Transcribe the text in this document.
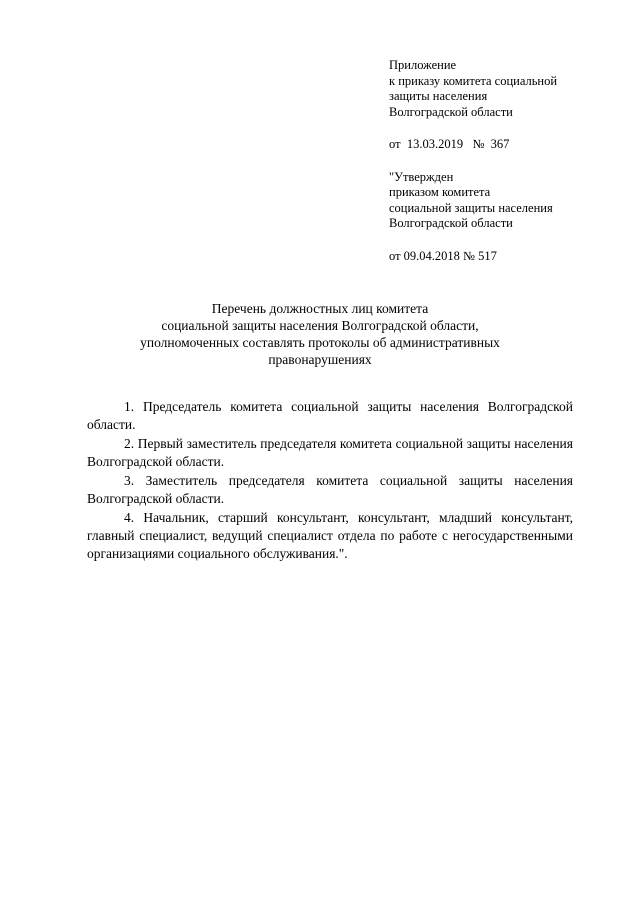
Приложение
к приказу комитета социальной
защиты населения
Волгоградской области
от 13.03.2019 № 367
"Утвержден
приказом комитета
социальной защиты населения
Волгоградской области
от 09.04.2018 № 517
Перечень должностных лиц комитета
социальной защиты населения Волгоградской области,
уполномоченных составлять протоколы об административных
правонарушениях

1. Председатель комитета социальной защиты населения Волгоградской области.

2. Первый заместитель председателя комитета социальной защиты населения Волгоградской области.

3. Заместитель председателя комитета социальной защиты населения Волгоградской области.

4. Начальник, старший консультант, консультант, младший консультант, главный специалист, ведущий специалист отдела по работе с негосударственными организациями социального обслуживания.".
